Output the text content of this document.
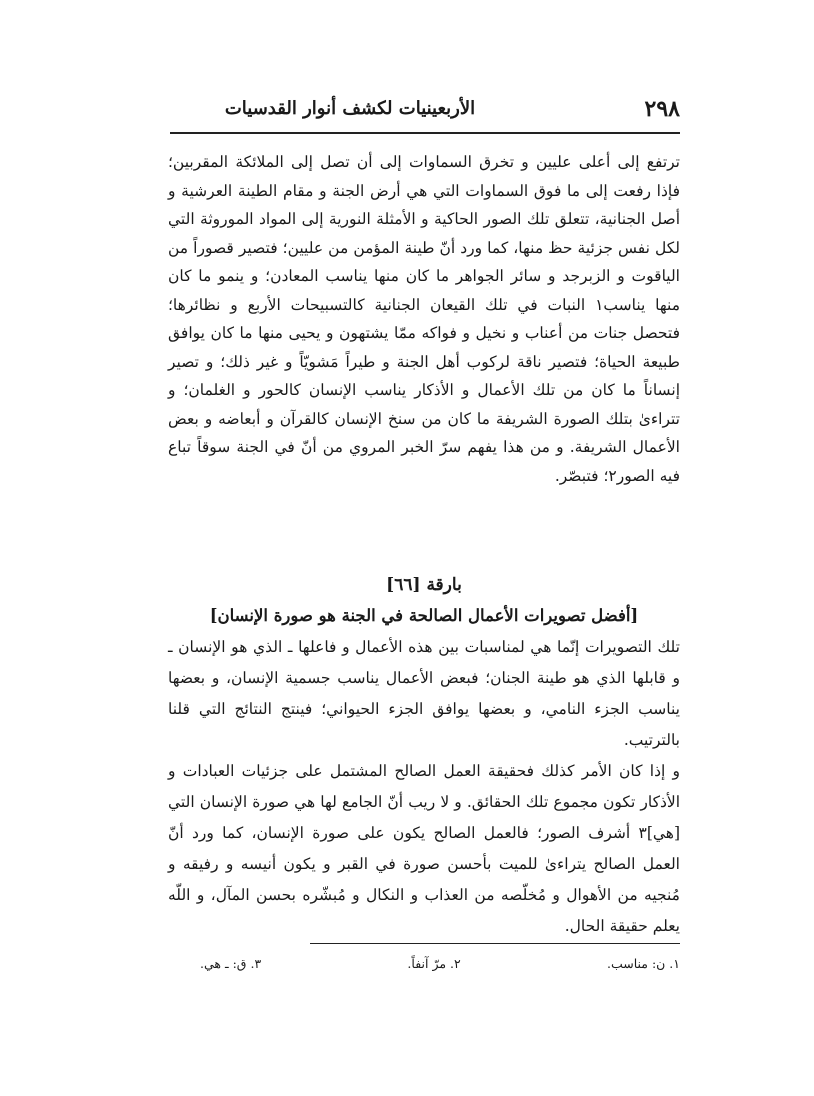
٢٩٨
الأربعينيات لكشف أنوار القدسيات

ترتفع إلى أعلى عليين و تخرق السماوات إلى أن تصل إلى الملائكة المقربين؛ فإذا رفعت إلى ما فوق السماوات التي هي أرض الجنة و مقام الطينة العرشية و أصل الجنانية، تتعلق تلك الصور الحاكية و الأمثلة النورية إلى المواد الموروثة التي لكل نفس جزئية حظ منها، كما ورد أنّ طينة المؤمن من عليين؛ فتصير قصوراً من الياقوت و الزبرجد و سائر الجواهر ما كان منها يناسب المعادن؛ و ينمو ما كان منها يناسب١ النبات في تلك القيعان الجنانية كالتسبيحات الأربع و نظائرها؛ فتحصل جنات من أعناب و نخيل و فواكه ممّا يشتهون و يحيى منها ما كان يوافق طبيعة الحياة؛ فتصير ناقة لركوب أهل الجنة و طيراً مَشويّاً و غير ذلك؛ و تصير إنساناً ما كان من تلك الأعمال و الأذكار يناسب الإنسان كالحور و الغلمان؛ و تتراءىٰ بتلك الصورة الشريفة ما كان من سنخ الإنسان كالقرآن و أبعاضه و بعض الأعمال الشريفة. و من هذا يفهم سرّ الخبر المروي من أنّ في الجنة سوقاً تباع فيه الصور٢؛ فتبصّر.

بارقة [٦٦]

[أفضل تصويرات الأعمال الصالحة في الجنة هو صورة الإنسان]

تلك التصويرات إنّما هي لمناسبات بين هذه الأعمال و فاعلها ـ الذي هو الإنسان ـ و قابلها الذي هو طينة الجنان؛ فبعض الأعمال يناسب جسمية الإنسان، و بعضها يناسب الجزء النامي، و بعضها يوافق الجزء الحيواني؛ فينتج النتائج التي قلنا بالترتيب.

و إذا كان الأمر كذلك فحقيقة العمل الصالح المشتمل على جزئيات العبادات و الأذكار تكون مجموع تلك الحقائق. و لا ريب أنّ الجامع لها هي صورة الإنسان التي [هي]٣ أشرف الصور؛ فالعمل الصالح يكون على صورة الإنسان، كما ورد أنّ العمل الصالح يتراءىٰ للميت بأحسن صورة في القبر و يكون أنيسه و رفيقه و مُنجيه من الأهوال و مُخلّصه من العذاب و النكال و مُبشّره بحسن المآل، و اللّه يعلم حقيقة الحال.

١. ن: مناسب.
٢. مرّ آنفاً.
٣. ق: ـ هي.
